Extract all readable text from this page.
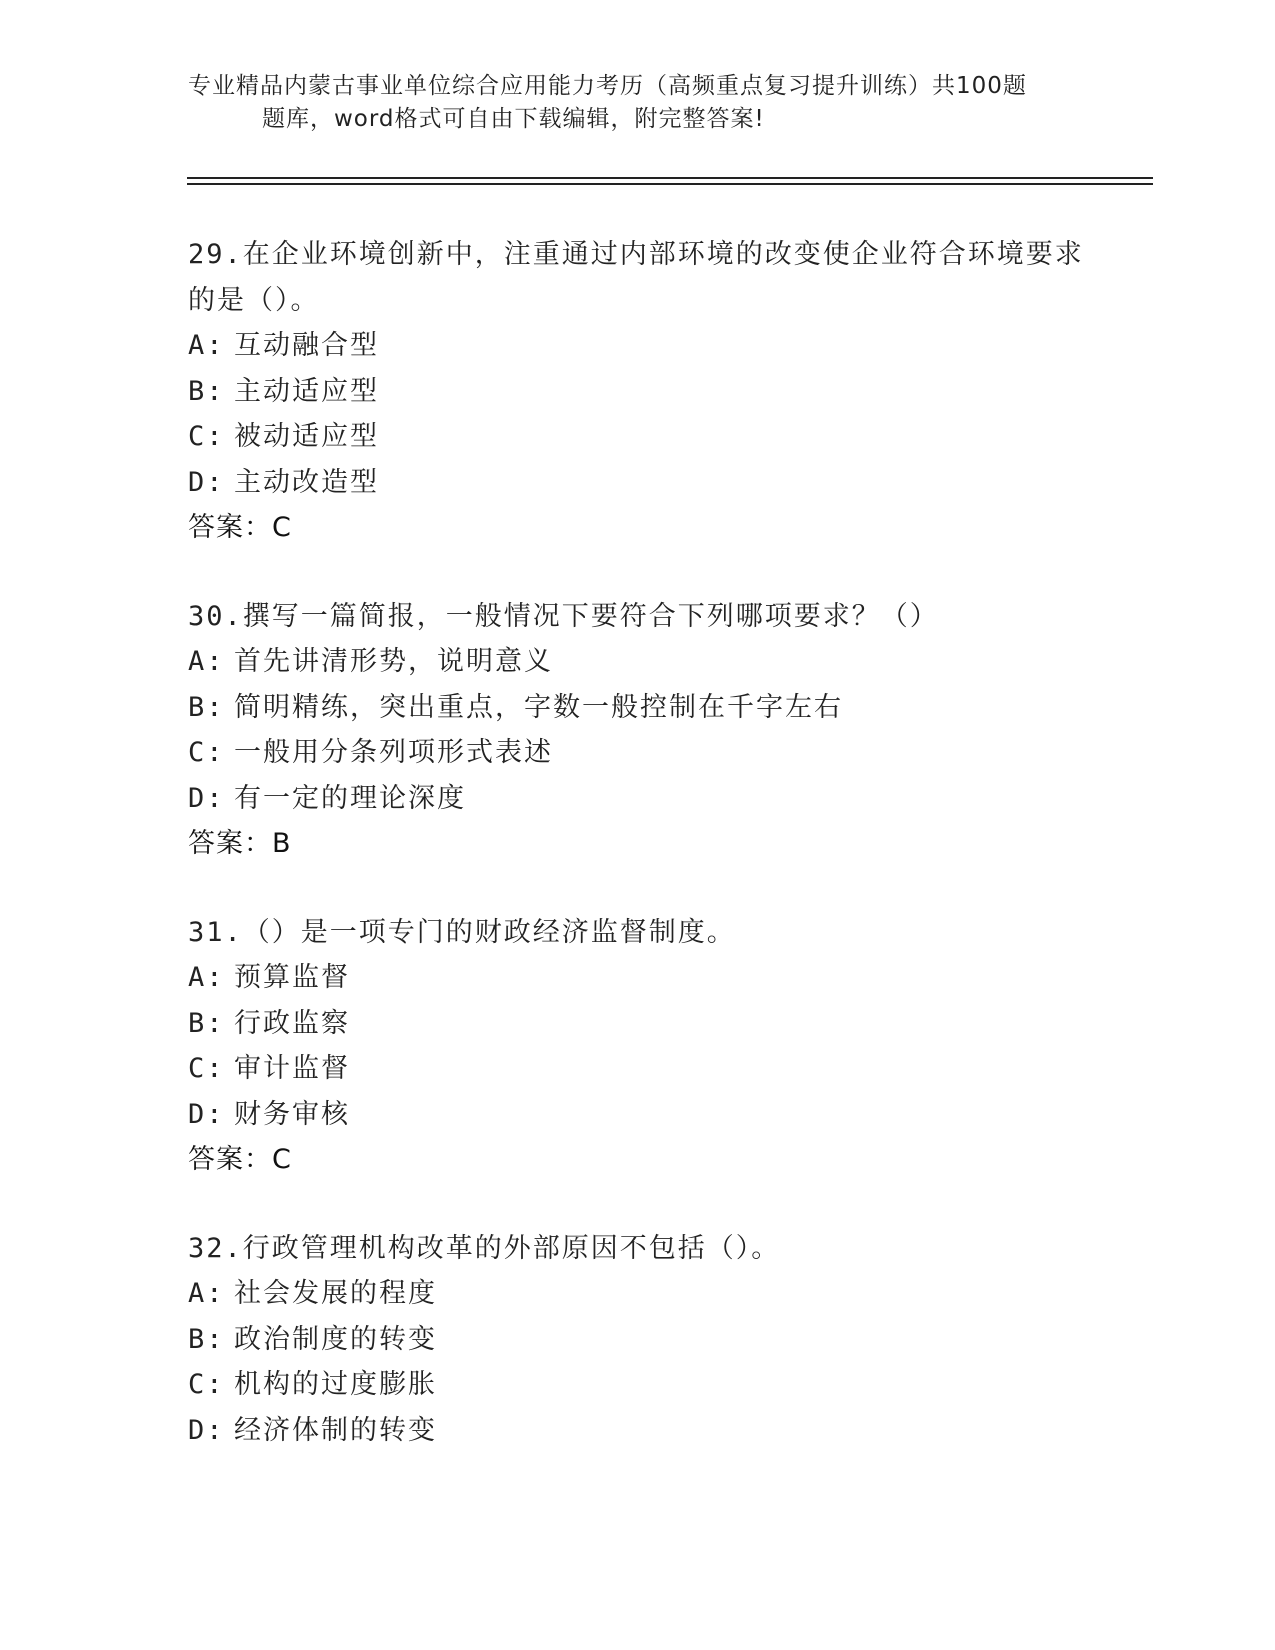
专业精品内蒙古事业单位综合应用能力考历（高频重点复习提升训练）共100题
题库，word格式可自由下载编辑，附完整答案!
29.在企业环境创新中，注重通过内部环境的改变使企业符合环境要求
的是（）。
A: 互动融合型
B: 主动适应型
C: 被动适应型
D: 主动改造型
答案：C
30.撰写一篇简报，一般情况下要符合下列哪项要求？（）
A: 首先讲清形势，说明意义
B: 简明精练，突出重点，字数一般控制在千字左右
C: 一般用分条列项形式表述
D: 有一定的理论深度
答案：B
31.（）是一项专门的财政经济监督制度。
A: 预算监督
B: 行政监察
C: 审计监督
D: 财务审核
答案：C
32.行政管理机构改革的外部原因不包括（）。
A: 社会发展的程度
B: 政治制度的转变
C: 机构的过度膨胀
D: 经济体制的转变
